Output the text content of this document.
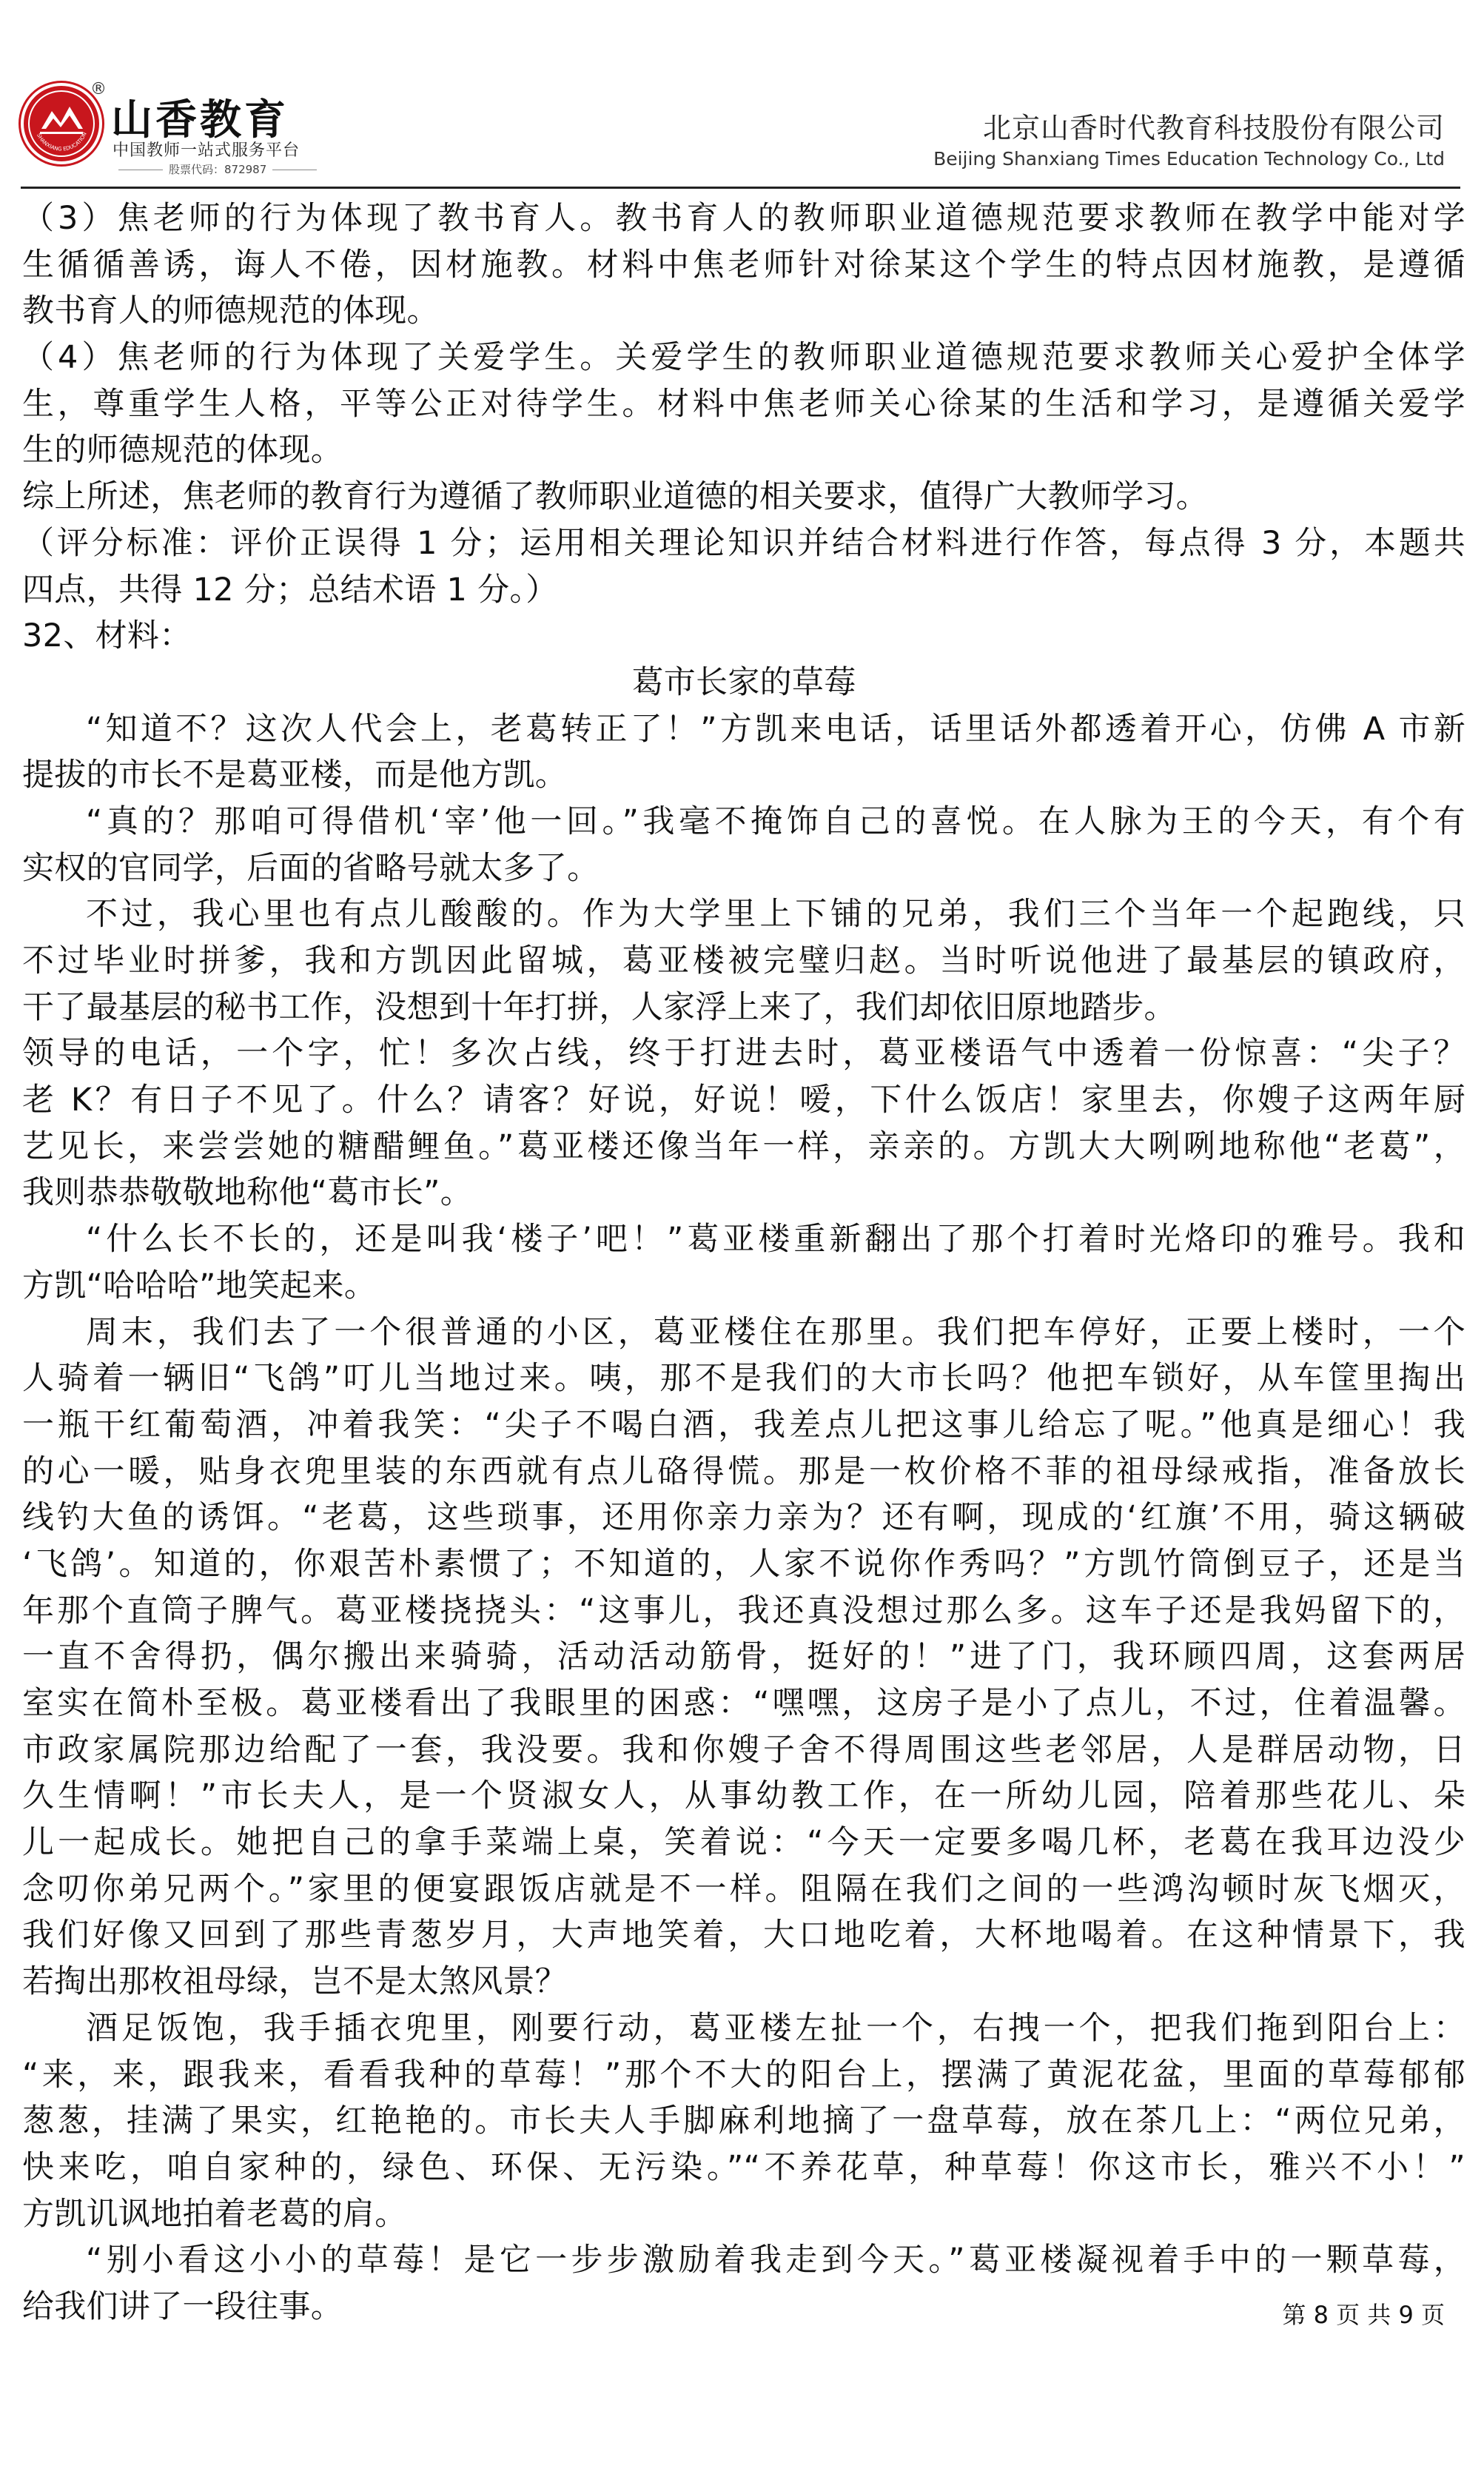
SHANXIANG EDUCATION
®
山香教育
中国教师一站式服务平台
股票代码：872987
北京山香时代教育科技股份有限公司
Beijing Shanxiang Times Education Technology Co., Ltd
（3）焦老师的行为体现了教书育人。教书育人的教师职业道德规范要求教师在教学中能对学
生循循善诱，诲人不倦，因材施教。材料中焦老师针对徐某这个学生的特点因材施教，是遵循
教书育人的师德规范的体现。
（4）焦老师的行为体现了关爱学生。关爱学生的教师职业道德规范要求教师关心爱护全体学
生，尊重学生人格，平等公正对待学生。材料中焦老师关心徐某的生活和学习，是遵循关爱学
生的师德规范的体现。
综上所述，焦老师的教育行为遵循了教师职业道德的相关要求，值得广大教师学习。
（评分标准：评价正误得 1 分；运用相关理论知识并结合材料进行作答，每点得 3 分，本题共
四点，共得 12 分；总结术语 1 分。）
32、材料：
葛市长家的草莓
“知道不？这次人代会上，老葛转正了！”方凯来电话，话里话外都透着开心，仿佛 A 市新
提拔的市长不是葛亚楼，而是他方凯。
“真的？那咱可得借机‘宰’他一回。”我毫不掩饰自己的喜悦。在人脉为王的今天，有个有
实权的官同学，后面的省略号就太多了。
不过，我心里也有点儿酸酸的。作为大学里上下铺的兄弟，我们三个当年一个起跑线，只
不过毕业时拼爹，我和方凯因此留城，葛亚楼被完璧归赵。当时听说他进了最基层的镇政府，
干了最基层的秘书工作，没想到十年打拼，人家浮上来了，我们却依旧原地踏步。
领导的电话，一个字，忙！多次占线，终于打进去时，葛亚楼语气中透着一份惊喜：“尖子？
老 K？有日子不见了。什么？请客？好说，好说！嗳，下什么饭店！家里去，你嫂子这两年厨
艺见长，来尝尝她的糖醋鲤鱼。”葛亚楼还像当年一样，亲亲的。方凯大大咧咧地称他“老葛”，
我则恭恭敬敬地称他“葛市长”。
“什么长不长的，还是叫我‘楼子’吧！”葛亚楼重新翻出了那个打着时光烙印的雅号。我和
方凯“哈哈哈”地笑起来。
周末，我们去了一个很普通的小区，葛亚楼住在那里。我们把车停好，正要上楼时，一个
人骑着一辆旧“飞鸽”叮儿当地过来。咦，那不是我们的大市长吗？他把车锁好，从车筐里掏出
一瓶干红葡萄酒，冲着我笑：“尖子不喝白酒，我差点儿把这事儿给忘了呢。”他真是细心！我
的心一暖，贴身衣兜里装的东西就有点儿硌得慌。那是一枚价格不菲的祖母绿戒指，准备放长
线钓大鱼的诱饵。“老葛，这些琐事，还用你亲力亲为？还有啊，现成的‘红旗’不用，骑这辆破
‘飞鸽’。知道的，你艰苦朴素惯了；不知道的，人家不说你作秀吗？”方凯竹筒倒豆子，还是当
年那个直筒子脾气。葛亚楼挠挠头：“这事儿，我还真没想过那么多。这车子还是我妈留下的，
一直不舍得扔，偶尔搬出来骑骑，活动活动筋骨，挺好的！”进了门，我环顾四周，这套两居
室实在简朴至极。葛亚楼看出了我眼里的困惑：“嘿嘿，这房子是小了点儿，不过，住着温馨。
市政家属院那边给配了一套，我没要。我和你嫂子舍不得周围这些老邻居，人是群居动物，日
久生情啊！”市长夫人，是一个贤淑女人，从事幼教工作，在一所幼儿园，陪着那些花儿、朵
儿一起成长。她把自己的拿手菜端上桌，笑着说：“今天一定要多喝几杯，老葛在我耳边没少
念叨你弟兄两个。”家里的便宴跟饭店就是不一样。阻隔在我们之间的一些鸿沟顿时灰飞烟灭，
我们好像又回到了那些青葱岁月，大声地笑着，大口地吃着，大杯地喝着。在这种情景下，我
若掏出那枚祖母绿，岂不是太煞风景？
酒足饭饱，我手插衣兜里，刚要行动，葛亚楼左扯一个，右拽一个，把我们拖到阳台上：
“来，来，跟我来，看看我种的草莓！”那个不大的阳台上，摆满了黄泥花盆，里面的草莓郁郁
葱葱，挂满了果实，红艳艳的。市长夫人手脚麻利地摘了一盘草莓，放在茶几上：“两位兄弟，
快来吃，咱自家种的，绿色、环保、无污染。”“不养花草，种草莓！你这市长，雅兴不小！”
方凯讥讽地拍着老葛的肩。
“别小看这小小的草莓！是它一步步激励着我走到今天。”葛亚楼凝视着手中的一颗草莓，
给我们讲了一段往事。	第 8 页 共 9 页
